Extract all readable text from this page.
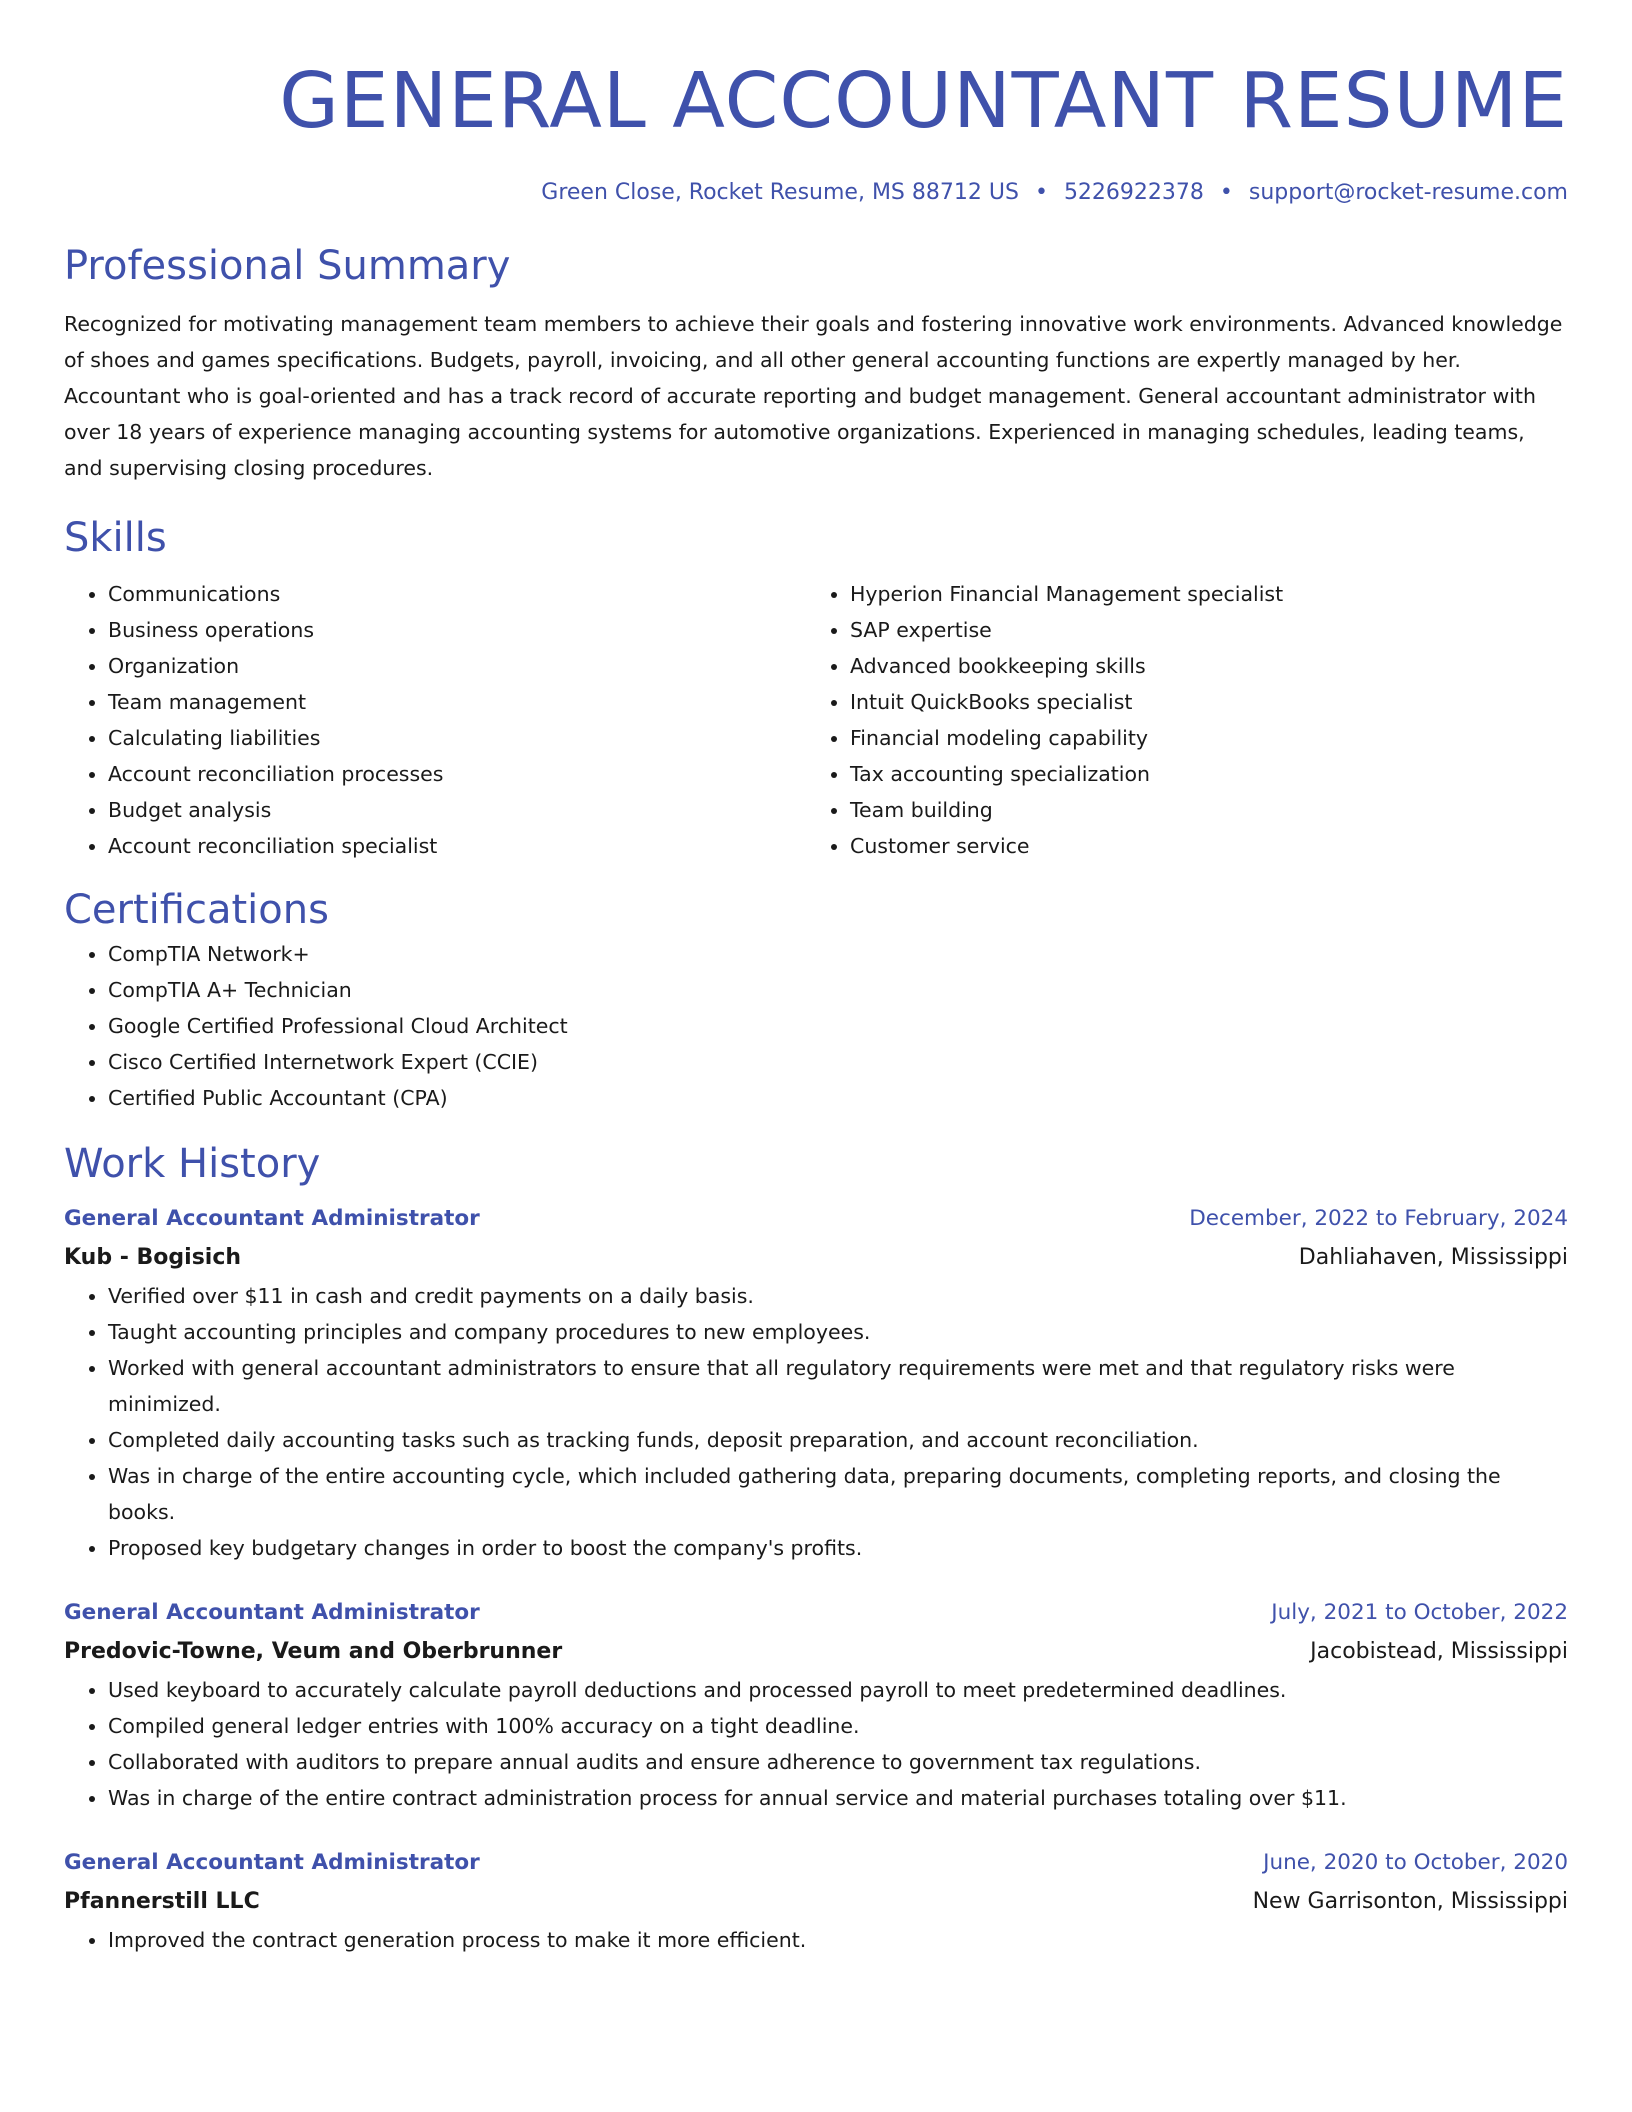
GENERAL ACCOUNTANT RESUME
Green Close, Rocket Resume, MS 88712 US • 5226922378 • support@rocket-resume.com
Professional Summary

Recognized for motivating management team members to achieve their goals and fostering innovative work environments. Advanced knowledge of shoes and games specifications. Budgets, payroll, invoicing, and all other general accounting functions are expertly managed by her. Accountant who is goal-oriented and has a track record of accurate reporting and budget management. General accountant administrator with over 18 years of experience managing accounting systems for automotive organizations. Experienced in managing schedules, leading teams, and supervising closing procedures.

Skills
• Communications
• Business operations
• Organization
• Team management
• Calculating liabilities
• Account reconciliation processes
• Budget analysis
• Account reconciliation specialist
• Hyperion Financial Management specialist
• SAP expertise
• Advanced bookkeeping skills
• Intuit QuickBooks specialist
• Financial modeling capability
• Tax accounting specialization
• Team building
• Customer service
Certifications
• CompTIA Network+
• CompTIA A+ Technician
• Google Certified Professional Cloud Architect
• Cisco Certified Internetwork Expert (CCIE)
• Certified Public Accountant (CPA)
Work History
General Accountant Administrator	December, 2022 to February, 2024
Kub - Bogisich	Dahliahaven, Mississippi
• Verified over $11 in cash and credit payments on a daily basis.
• Taught accounting principles and company procedures to new employees.
• Worked with general accountant administrators to ensure that all regulatory requirements were met and that regulatory risks were minimized.
• Completed daily accounting tasks such as tracking funds, deposit preparation, and account reconciliation.
• Was in charge of the entire accounting cycle, which included gathering data, preparing documents, completing reports, and closing the books.
• Proposed key budgetary changes in order to boost the company's profits.
General Accountant Administrator	July, 2021 to October, 2022
Predovic-Towne, Veum and Oberbrunner	Jacobistead, Mississippi
• Used keyboard to accurately calculate payroll deductions and processed payroll to meet predetermined deadlines.
• Compiled general ledger entries with 100% accuracy on a tight deadline.
• Collaborated with auditors to prepare annual audits and ensure adherence to government tax regulations.
• Was in charge of the entire contract administration process for annual service and material purchases totaling over $11.
General Accountant Administrator	June, 2020 to October, 2020
Pfannerstill LLC	New Garrisonton, Mississippi
• Improved the contract generation process to make it more efficient.
